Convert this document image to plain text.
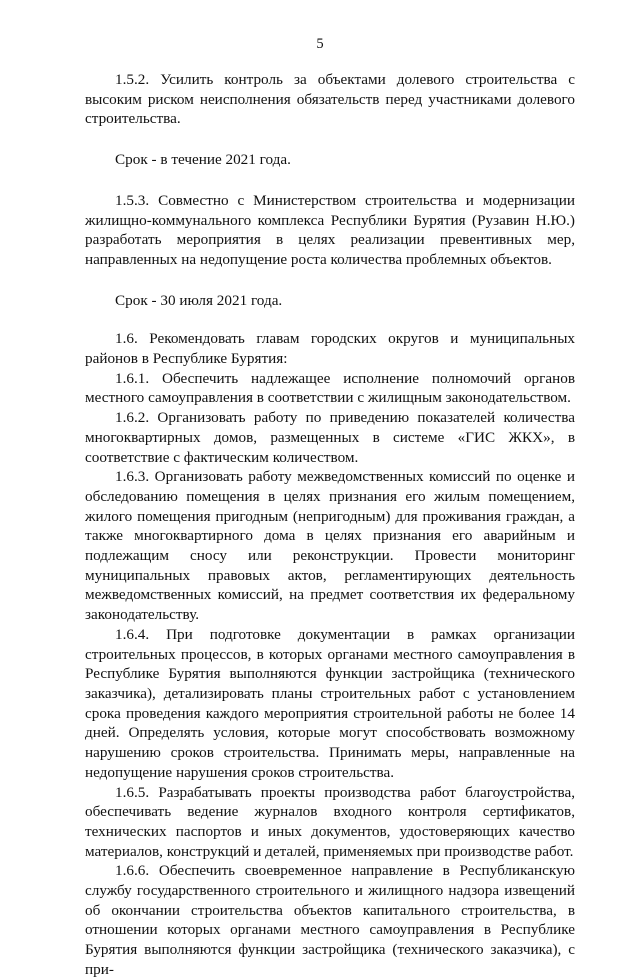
5

1.5.2. Усилить контроль за объектами долевого строительства с высоким риском неисполнения обязательств перед участниками долевого строительства.

Срок - в течение 2021 года.

1.5.3. Совместно с Министерством строительства и модернизации жилищно-коммунального комплекса Республики Бурятия (Рузавин Н.Ю.) разработать мероприятия в целях реализации превентивных мер, направленных на недопущение роста количества проблемных объектов.

Срок - 30 июля 2021 года.

1.6. Рекомендовать главам городских округов и муниципальных районов в Республике Бурятия:

1.6.1. Обеспечить надлежащее исполнение полномочий органов местного самоуправления в соответствии с жилищным законодательством.

1.6.2. Организовать работу по приведению показателей количества многоквартирных домов, размещенных в системе «ГИС ЖКХ», в соответствие с фактическим количеством.

1.6.3. Организовать работу межведомственных комиссий по оценке и обследованию помещения в целях признания его жилым помещением, жилого помещения пригодным (непригодным) для проживания граждан, а также многоквартирного дома в целях признания его аварийным и подлежащим сносу или реконструкции. Провести мониторинг муниципальных правовых актов, регламентирующих деятельность межведомственных комиссий, на предмет соответствия их федеральному законодательству.

1.6.4. При подготовке документации в рамках организации строительных процессов, в которых органами местного самоуправления в Республике Бурятия выполняются функции застройщика (технического заказчика), детализировать планы строительных работ с установлением срока проведения каждого мероприятия строительной работы не более 14 дней. Определять условия, которые могут способствовать возможному нарушению сроков строительства. Принимать меры, направленные на недопущение нарушения сроков строительства.

1.6.5. Разрабатывать проекты производства работ благоустройства, обеспечивать ведение журналов входного контроля сертификатов, технических паспортов и иных документов, удостоверяющих качество материалов, конструкций и деталей, применяемых при производстве работ.

1.6.6. Обеспечить своевременное направление в Республиканскую службу государственного строительного и жилищного надзора извещений об окончании строительства объектов капитального строительства, в отношении которых органами местного самоуправления в Республике Бурятия выполняются функции застройщика (технического заказчика), с при-
